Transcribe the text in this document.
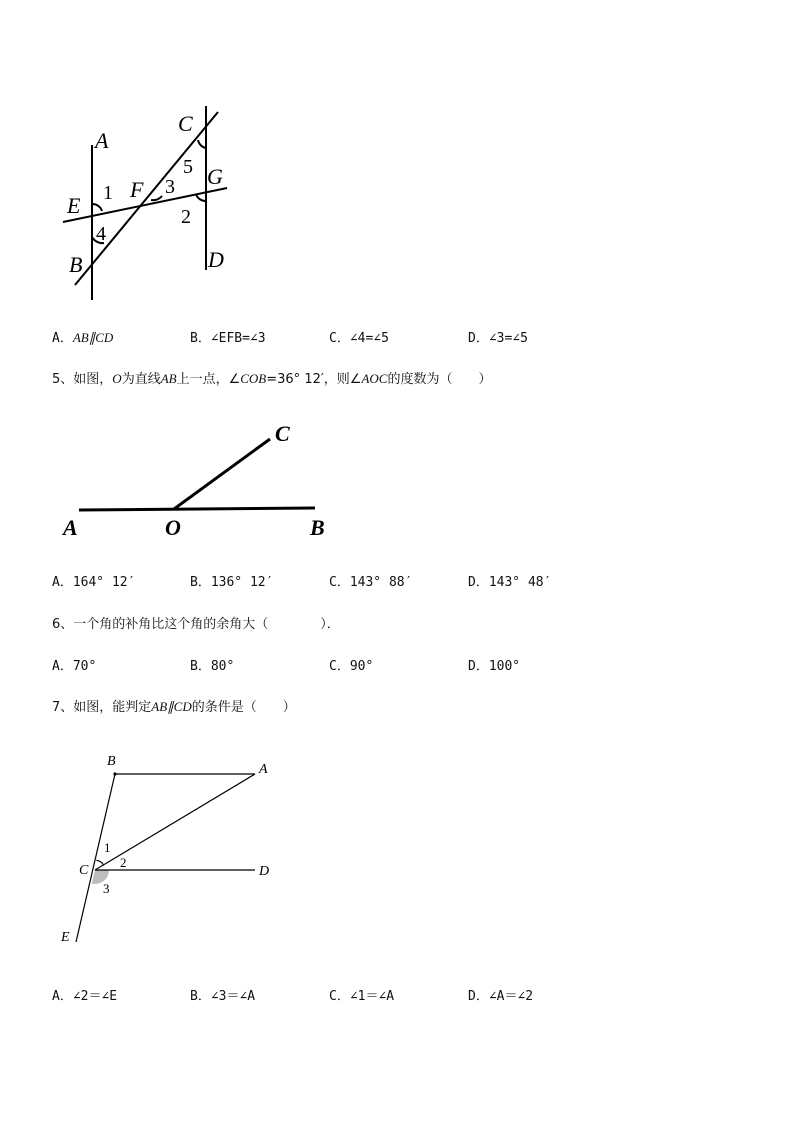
A
B
C
D
E
F
G
1
2
3
4
5
A．AB∥CD	B．∠EFB=∠3	C．∠4=∠5	D．∠3=∠5
5、如图，O为直线AB上一点，∠COB=36° 12′，则∠AOC的度数为（　　）
A	O	B
C
A．164° 12′	B．136° 12′	C．143° 88′	D．143° 48′
6、一个角的补角比这个角的余角大（　　　　）．
A．70°	B．80°	C．90°	D．100°
7、如图，能判定AB∥CD的条件是（　　）
A
B
C	D
E
1
2
3
A．∠2＝∠E	B．∠3＝∠A	C．∠1＝∠A	D．∠A＝∠2
